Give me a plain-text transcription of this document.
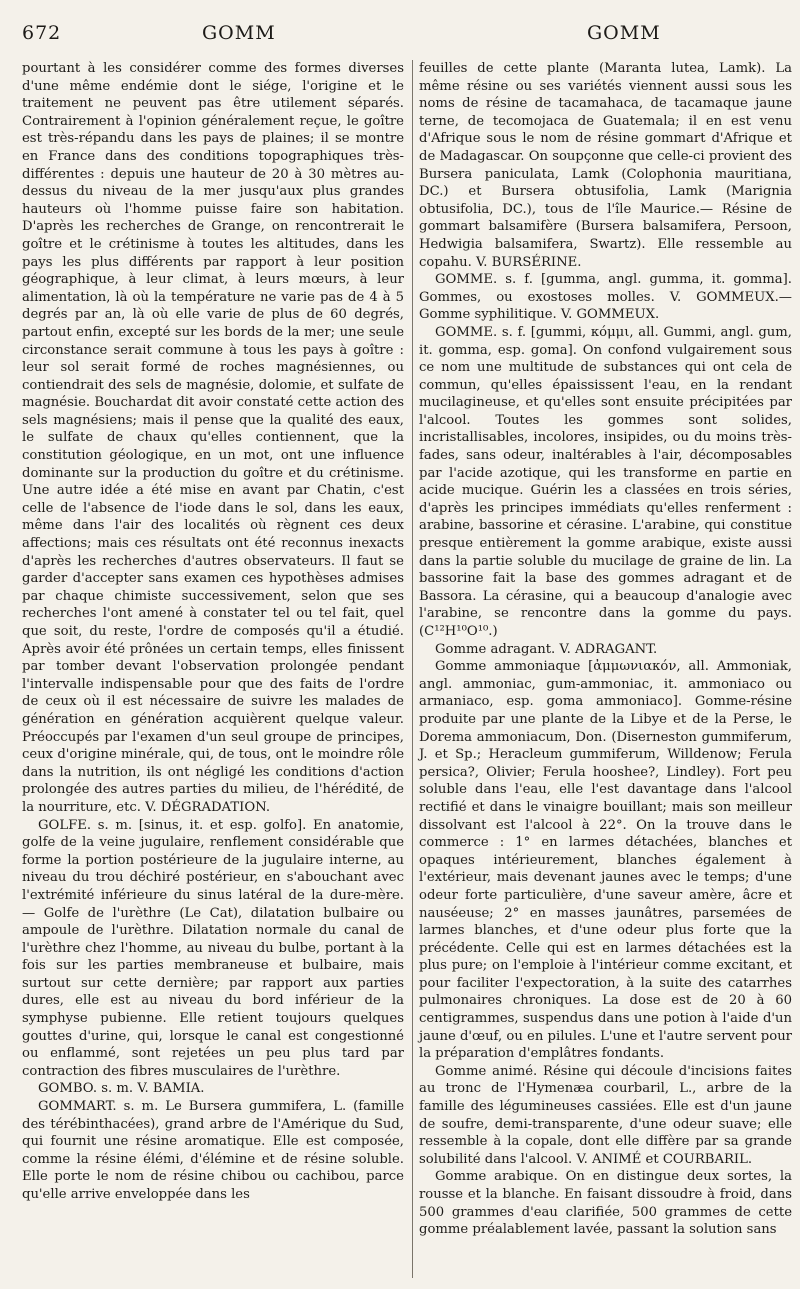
672	GOMM	GOMM

pourtant à les considérer comme des formes diverses d'une même endémie dont le siége, l'origine et le traitement ne peuvent pas être utilement séparés. Contrairement à l'opinion généralement reçue, le goître est très-répandu dans les pays de plaines; il se montre en France dans des conditions topographiques très-différentes : depuis une hauteur de 20 à 30 mètres au-dessus du niveau de la mer jusqu'aux plus grandes hauteurs où l'homme puisse faire son habitation. D'après les recherches de Grange, on rencontrerait le goître et le crétinisme à toutes les altitudes, dans les pays les plus différents par rapport à leur position géographique, à leur climat, à leurs mœurs, à leur alimentation, là où la température ne varie pas de 4 à 5 degrés par an, là où elle varie de plus de 60 degrés, partout enfin, excepté sur les bords de la mer; une seule circonstance serait commune à tous les pays à goître : leur sol serait formé de roches magnésiennes, ou contiendrait des sels de magnésie, dolomie, et sulfate de magnésie. Bouchardat dit avoir constaté cette action des sels magnésiens; mais il pense que la qualité des eaux, le sulfate de chaux qu'elles contiennent, que la constitution géologique, en un mot, ont une influence dominante sur la production du goître et du crétinisme. Une autre idée a été mise en avant par Chatin, c'est celle de l'absence de l'iode dans le sol, dans les eaux, même dans l'air des localités où règnent ces deux affections; mais ces résultats ont été reconnus inexacts d'après les recherches d'autres observateurs. Il faut se garder d'accepter sans examen ces hypothèses admises par chaque chimiste successivement, selon que ses recherches l'ont amené à constater tel ou tel fait, quel que soit, du reste, l'ordre de composés qu'il a étudié. Après avoir été prônées un certain temps, elles finissent par tomber devant l'observation prolongée pendant l'intervalle indispensable pour que des faits de l'ordre de ceux où il est nécessaire de suivre les malades de génération en génération acquièrent quelque valeur. Préoccupés par l'examen d'un seul groupe de principes, ceux d'origine minérale, qui, de tous, ont le moindre rôle dans la nutrition, ils ont négligé les conditions d'action prolongée des autres parties du milieu, de l'hérédité, de la nourriture, etc. V. DÉGRADATION.

GOLFE. s. m. [sinus, it. et esp. golfo]. En anatomie, golfe de la veine jugulaire, renflement considérable que forme la portion postérieure de la jugulaire interne, au niveau du trou déchiré postérieur, en s'abouchant avec l'extrémité inférieure du sinus latéral de la dure-mère. — Golfe de l'urèthre (Le Cat), dilatation bulbaire ou ampoule de l'urèthre. Dilatation normale du canal de l'urèthre chez l'homme, au niveau du bulbe, portant à la fois sur les parties membraneuse et bulbaire, mais surtout sur cette dernière; par rapport aux parties dures, elle est au niveau du bord inférieur de la symphyse pubienne. Elle retient toujours quelques gouttes d'urine, qui, lorsque le canal est congestionné ou enflammé, sont rejetées un peu plus tard par contraction des fibres musculaires de l'urèthre.

GOMBO. s. m. V. BAMIA.

GOMMART. s. m. Le Bursera gummifera, L. (famille des térébinthacées), grand arbre de l'Amérique du Sud, qui fournit une résine aromatique. Elle est composée, comme la résine élémi, d'élémine et de résine soluble. Elle porte le nom de résine chibou ou cachibou, parce qu'elle arrive enveloppée dans les

feuilles de cette plante (Maranta lutea, Lamk). La même résine ou ses variétés viennent aussi sous les noms de résine de tacamahaca, de tacamaque jaune terne, de tecomojaca de Guatemala; il en est venu d'Afrique sous le nom de résine gommart d'Afrique et de Madagascar. On soupçonne que celle-ci provient des Bursera paniculata, Lamk (Colophonia mauritiana, DC.) et Bursera obtusifolia, Lamk (Marignia obtusifolia, DC.), tous de l'île Maurice.— Résine de gommart balsamifère (Bursera balsamifera, Persoon, Hedwigia balsamifera, Swartz). Elle ressemble au copahu. V. BURSÉRINE.

GOMME. s. f. [gumma, angl. gumma, it. gomma]. Gommes, ou exostoses molles. V. GOMMEUX.— Gomme syphilitique. V. GOMMEUX.

GOMME. s. f. [gummi, κόμμι, all. Gummi, angl. gum, it. gomma, esp. goma]. On confond vulgairement sous ce nom une multitude de substances qui ont cela de commun, qu'elles épaississent l'eau, en la rendant mucilagineuse, et qu'elles sont ensuite précipitées par l'alcool. Toutes les gommes sont solides, incristallisables, incolores, insipides, ou du moins très-fades, sans odeur, inaltérables à l'air, décomposables par l'acide azotique, qui les transforme en partie en acide mucique. Guérin les a classées en trois séries, d'après les principes immédiats qu'elles renferment : arabine, bassorine et cérasine. L'arabine, qui constitue presque entièrement la gomme arabique, existe aussi dans la partie soluble du mucilage de graine de lin. La bassorine fait la base des gommes adragant et de Bassora. La cérasine, qui a beaucoup d'analogie avec l'arabine, se rencontre dans la gomme du pays. (C¹²H¹⁰O¹⁰.)

Gomme adragant. V. ADRAGANT.

Gomme ammoniaque [ἀμμωνιακόν, all. Ammoniak, angl. ammoniac, gum-ammoniac, it. ammoniaco ou armaniaco, esp. goma ammoniaco]. Gomme-résine produite par une plante de la Libye et de la Perse, le Dorema ammoniacum, Don. (Diserneston gummiferum, J. et Sp.; Heracleum gummiferum, Willdenow; Ferula persica?, Olivier; Ferula hooshee?, Lindley). Fort peu soluble dans l'eau, elle l'est davantage dans l'alcool rectifié et dans le vinaigre bouillant; mais son meilleur dissolvant est l'alcool à 22°. On la trouve dans le commerce : 1° en larmes détachées, blanches et opaques intérieurement, blanches également à l'extérieur, mais devenant jaunes avec le temps; d'une odeur forte particulière, d'une saveur amère, âcre et nauséeuse; 2° en masses jaunâtres, parsemées de larmes blanches, et d'une odeur plus forte que la précédente. Celle qui est en larmes détachées est la plus pure; on l'emploie à l'intérieur comme excitant, et pour faciliter l'expectoration, à la suite des catarrhes pulmonaires chroniques. La dose est de 20 à 60 centigrammes, suspendus dans une potion à l'aide d'un jaune d'œuf, ou en pilules. L'une et l'autre servent pour la préparation d'emplâtres fondants.

Gomme animé. Résine qui découle d'incisions faites au tronc de l'Hymenæa courbaril, L., arbre de la famille des légumineuses cassiées. Elle est d'un jaune de soufre, demi-transparente, d'une odeur suave; elle ressemble à la copale, dont elle diffère par sa grande solubilité dans l'alcool. V. ANIMÉ et COURBARIL.

Gomme arabique. On en distingue deux sortes, la rousse et la blanche. En faisant dissoudre à froid, dans 500 grammes d'eau clarifiée, 500 grammes de cette gomme préalablement lavée, passant la solution sans
